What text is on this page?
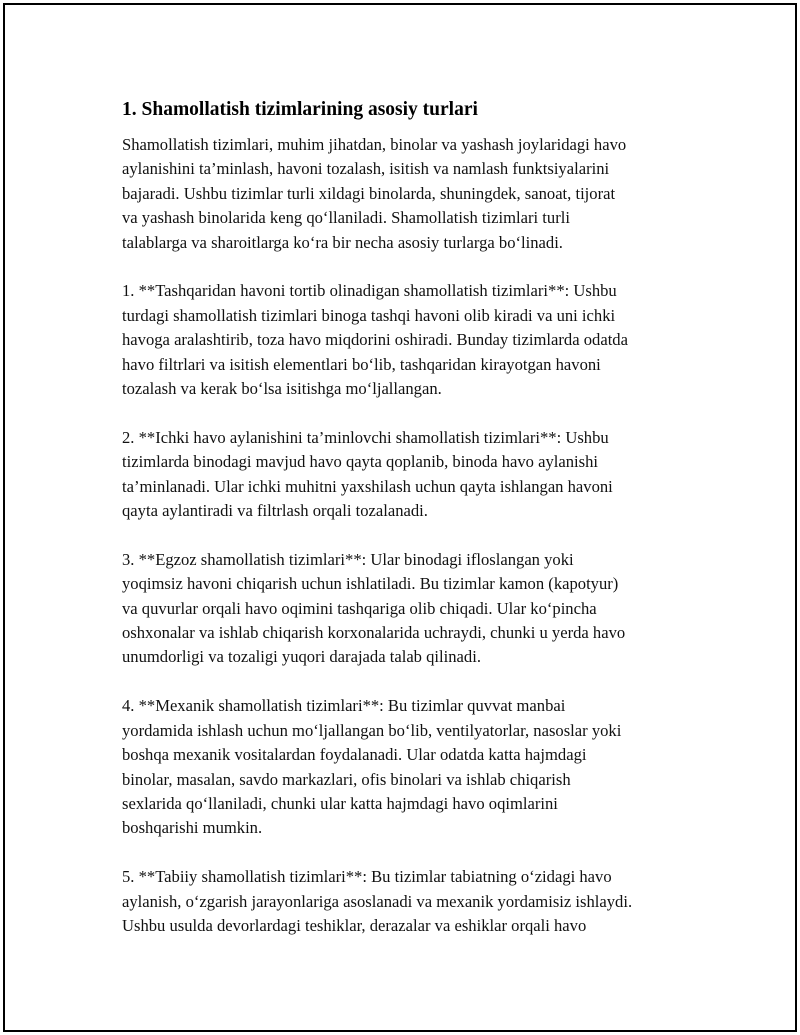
1. Shamollatish tizimlarining asosiy turlari
Shamollatish tizimlari, muhim jihatdan, binolar va yashash joylaridagi havo
aylanishini ta’minlash, havoni tozalash, isitish va namlash funktsiyalarini
bajaradi. Ushbu tizimlar turli xildagi binolarda, shuningdek, sanoat, tijorat
va yashash binolarida keng qo‘llaniladi. Shamollatish tizimlari turli
talablarga va sharoitlarga ko‘ra bir necha asosiy turlarga bo‘linadi.
1. **Tashqaridan havoni tortib olinadigan shamollatish tizimlari**: Ushbu
turdagi shamollatish tizimlari binoga tashqi havoni olib kiradi va uni ichki
havoga aralashtirib, toza havo miqdorini oshiradi. Bunday tizimlarda odatda
havo filtrlari va isitish elementlari bo‘lib, tashqaridan kirayotgan havoni
tozalash va kerak bo‘lsa isitishga mo‘ljallangan.
2. **Ichki havo aylanishini ta’minlovchi shamollatish tizimlari**: Ushbu
tizimlarda binodagi mavjud havo qayta qoplanib, binoda havo aylanishi
ta’minlanadi. Ular ichki muhitni yaxshilash uchun qayta ishlangan havoni
qayta aylantiradi va filtrlash orqali tozalanadi.
3. **Egzoz shamollatish tizimlari**: Ular binodagi ifloslangan yoki
yoqimsiz havoni chiqarish uchun ishlatiladi. Bu tizimlar kamon (kapotyur)
va quvurlar orqali havo oqimini tashqariga olib chiqadi. Ular ko‘pincha
oshxonalar va ishlab chiqarish korxonalarida uchraydi, chunki u yerda havo
unumdorligi va tozaligi yuqori darajada talab qilinadi.
4. **Mexanik shamollatish tizimlari**: Bu tizimlar quvvat manbai
yordamida ishlash uchun mo‘ljallangan bo‘lib, ventilyatorlar, nasoslar yoki
boshqa mexanik vositalardan foydalanadi. Ular odatda katta hajmdagi
binolar, masalan, savdo markazlari, ofis binolari va ishlab chiqarish
sexlarida qo‘llaniladi, chunki ular katta hajmdagi havo oqimlarini
boshqarishi mumkin.
5. **Tabiiy shamollatish tizimlari**: Bu tizimlar tabiatning o‘zidagi havo
aylanish, o‘zgarish jarayonlariga asoslanadi va mexanik yordamisiz ishlaydi.
Ushbu usulda devorlardagi teshiklar, derazalar va eshiklar orqali havo
